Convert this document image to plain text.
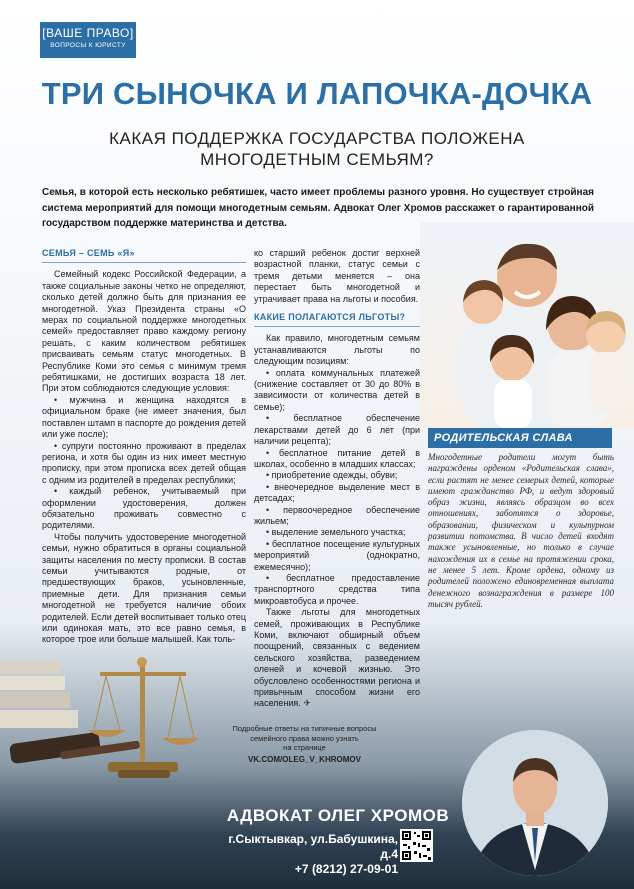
[ВАШЕ ПРАВО]
ВОПРОСЫ К ЮРИСТУ
ТРИ СЫНОЧКА И ЛАПОЧКА-ДОЧКА
КАКАЯ ПОДДЕРЖКА ГОСУДАРСТВА ПОЛОЖЕНА
МНОГОДЕТНЫМ СЕМЬЯМ?
Семья, в которой есть несколько ребятишек, часто имеет проблемы разного уровня. Но существует стройная система мероприятий для помощи многодетным семьям. Адвокат Олег Хромов расскажет о гарантированной государством поддержке материнства и детства.
СЕМЬЯ – СЕМЬ «Я»

Семейный кодекс Российской Федерации, а также социальные законы четко не определяют, сколько детей должно быть для признания ее многодетной. Указ Президента страны «О мерах по социальной поддержке многодетных семей» предоставляет право каждому региону решать, с каким количеством ребятишек присваивать семьям статус многодетных. В Республике Коми это семья с минимум тремя ребятишками, не достигших возраста 18 лет. При этом соблюдаются следующие условия:

• мужчина и женщина находятся в официальном браке (не имеет значения, был поставлен штамп в паспорте до рождения детей или уже после);

• супруги постоянно проживают в пределах региона, и хотя бы один из них имеет местную прописку, при этом прописка всех детей общая с одним из родителей в пределах республики;

• каждый ребенок, учитываемый при оформлении удостоверения, должен обязательно проживать совместно с родителями.

Чтобы получить удостоверение многодетной семьи, нужно обратиться в органы социальной защиты населения по месту прописки. В состав семьи учитываются родные, от предшествующих браков, усыновленные, приемные дети. Для признания семьи многодетной не требуется наличие обоих родителей. Если детей воспитывает только отец или одинокая мать, это все равно семья, в которое трое или больше малышей. Как толь-

ко старший ребенок достиг верхней возрастной планки, статус семьи с тремя детьми меняется – она перестает быть многодетной и утрачивает права на льготы и пособия.

КАКИЕ ПОЛАГАЮТСЯ ЛЬГОТЫ?

Как правило, многодетным семьям устанавливаются льготы по следующим позициям:

• оплата коммунальных платежей (снижение составляет от 30 до 80% в зависимости от количества детей в семье);

• бесплатное обеспечение лекарствами детей до 6 лет (при наличии рецепта);

• бесплатное питание детей в школах, особенно в младших классах;

• приобретение одежды, обуви;

• внеочередное выделение мест в детсадах;

• первоочередное обеспечение жильем;

• выделение земельного участка;

• бесплатное посещение культурных мероприятий (однократно, ежемесячно);

• бесплатное предоставление транспортного средства типа микроавтобуса и прочее.

Также льготы для многодетных семей, проживающих в Республике Коми, включают обширный объем поощрений, связанных с ведением сельского хозяйства, разведением оленей и кочевой жизнью. Это обусловлено особенностями региона и привычным способом жизни его населения. ✈

РОДИТЕЛЬСКАЯ СЛАВА
Многодетные родители могут быть награждены орденом «Родительская слава», если растят не менее семерых детей, которые имеют гражданство РФ, и ведут здоровый образ жизни, являясь образцом во всех отношениях, заботятся о здоровье, образовании, физическом и культурном развитии потомства. В число детей входят также усыновленные, но только в случае нахождения их в семье на протяжении срока, не менее 5 лет. Кроме ордена, одному из родителей положено единовременная выплата денежного вознаграждения в размере 100 тысяч рублей.
Подробные ответы на типичные вопросы
семейного права можно узнать
на странице
VK.COM/OLEG_V_KHROMOV
Данная информация не является юридической консультацией
АДВОКАТ ОЛЕГ ХРОМОВ
г.Сыктывкар, ул.Бабушкина, д.4
+7 (8212) 27-09-01
